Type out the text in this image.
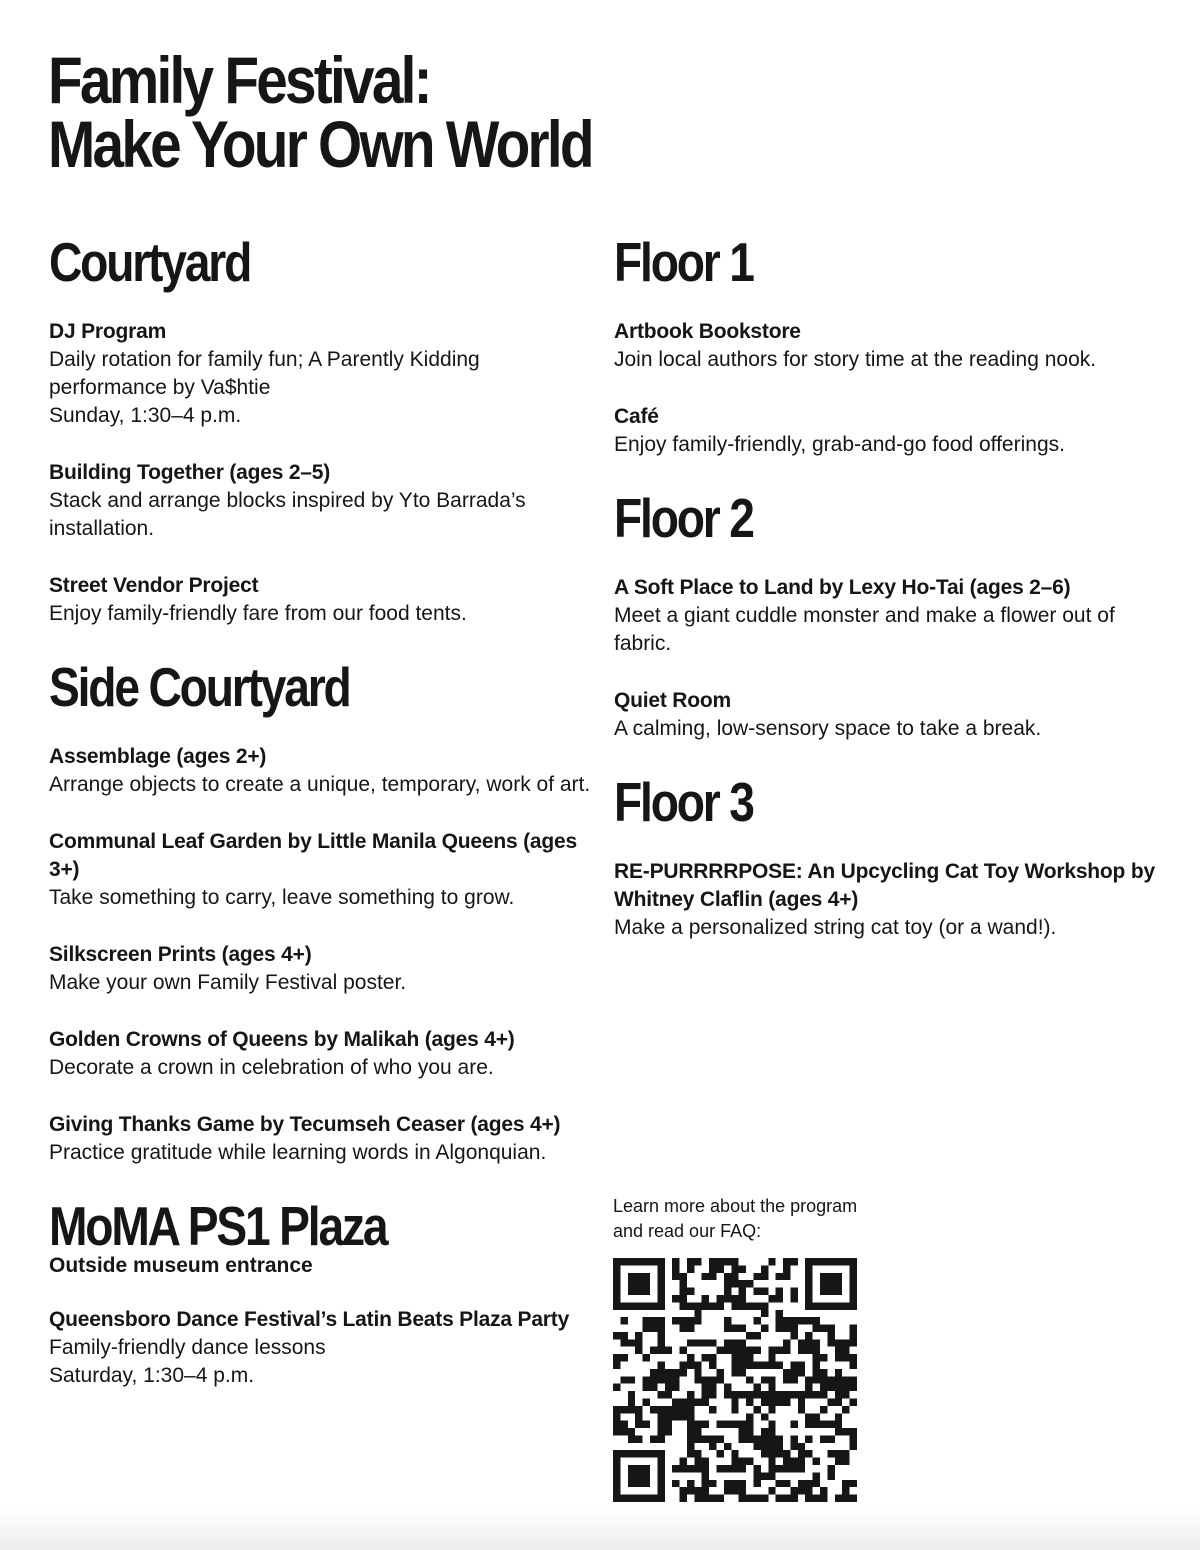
Family Festival:
Make Your Own World
Courtyard
DJ Program
Daily rotation for family fun; A Parently Kidding performance by Va$htie
Sunday, 1:30–4 p.m.
Building Together (ages 2–5)
Stack and arrange blocks inspired by Yto Barrada’s installation.
Street Vendor Project
Enjoy family-friendly fare from our food tents.
Side Courtyard
Assemblage (ages 2+)
Arrange objects to create a unique, temporary, work of art.
Communal Leaf Garden by Little Manila Queens (ages 3+)
Take something to carry, leave something to grow.
Silkscreen Prints (ages 4+)
Make your own Family Festival poster.
Golden Crowns of Queens by Malikah (ages 4+)
Decorate a crown in celebration of who you are.
Giving Thanks Game by Tecumseh Ceaser (ages 4+)
Practice gratitude while learning words in Algonquian.
MoMA PS1 Plaza
Outside museum entrance
Queensboro Dance Festival’s Latin Beats Plaza Party
Family-friendly dance lessons
Saturday, 1:30–4 p.m.
Floor 1
Artbook Bookstore
Join local authors for story time at the reading nook.
Café
Enjoy family-friendly, grab-and-go food offerings.
Floor 2
A Soft Place to Land by Lexy Ho-Tai (ages 2–6)
Meet a giant cuddle monster and make a flower out of fabric.
Quiet Room
A calming, low-sensory space to take a break.
Floor 3
RE-PURRRRPOSE: An Upcycling Cat Toy Workshop by Whitney Claflin (ages 4+)
Make a personalized string cat toy (or a wand!).

Learn more about the program and read our FAQ:
